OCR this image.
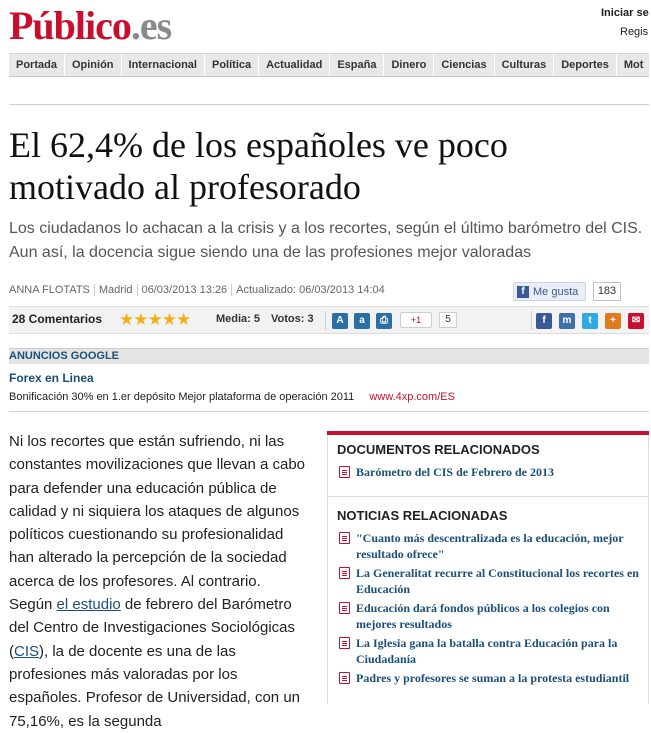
Público.es	Iniciar se
Regis
Portada	Opinión	Internacional	Política	Actualidad	España	Dinero	Ciencias	Culturas	Deportes	Mot
El 62,4% de los españoles ve poco motivado al profesorado

Los ciudadanos lo achacan a la crisis y a los recortes, según el último barómetro del CIS. Aun así, la docencia sigue siendo una de las profesiones mejor valoradas

ANNA FLOTATS Madrid 06/03/2013 13:26 Actualizado: 06/03/2013 14:04	f Me gusta	183
28 Comentarios ★★★★★ Media: 5 Votos: 3	A	a	⎙	+1	5	f	m	t	+	✉
ANUNCIOS GOOGLE
Forex en Linea
Bonificación 30% en 1.er depósito Mejor plataforma de operación 2011 www.4xp.com/ES

Ni los recortes que están sufriendo, ni las constantes movilizaciones que llevan a cabo para defender una educación pública de calidad y ni siquiera los ataques de algunos políticos cuestionando su profesionalidad han alterado la percepción de la sociedad acerca de los profesores. Al contrario. Según el estudio de febrero del Barómetro del Centro de Investigaciones Sociológicas (CIS), la de docente es una de las profesiones más valoradas por los españoles. Profesor de Universidad, con un 75,16%, es la segunda

DOCUMENTOS RELACIONADOS
Barómetro del CIS de Febrero de 2013
NOTICIAS RELACIONADAS
"Cuanto más descentralizada es la educación, mejor resultado ofrece"
La Generalitat recurre al Constitucional los recortes en Educación
Educación dará fondos públicos a los colegios con mejores resultados
La Iglesia gana la batalla contra Educación para la Ciudadanía
Padres y profesores se suman a la protesta estudiantil
